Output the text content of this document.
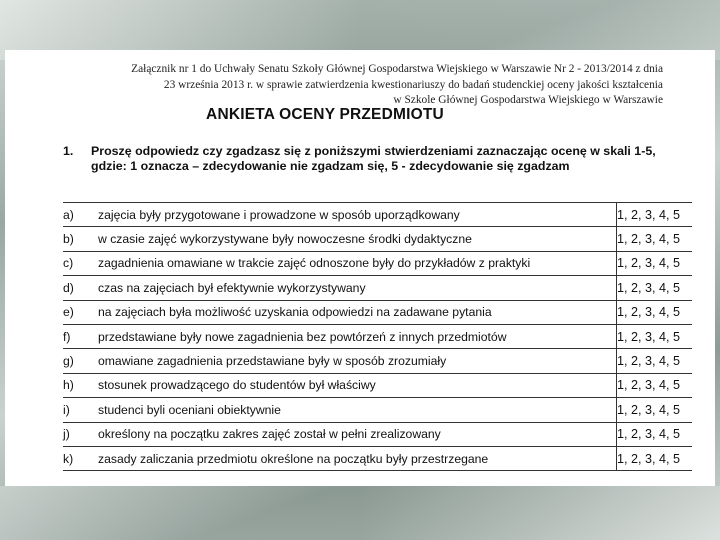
Załącznik nr 1 do Uchwały Senatu Szkoły Głównej Gospodarstwa Wiejskiego w Warszawie Nr 2 - 2013/2014 z dnia
23 września 2013 r. w sprawie zatwierdzenia kwestionariuszy do badań studenckiej oceny jakości kształcenia
w Szkole Głównej Gospodarstwa Wiejskiego w Warszawie
ANKIETA OCENY PRZEDMIOTU
1. Proszę odpowiedz czy zgadzasz się z poniższymi stwierdzeniami zaznaczając ocenę w skali 1-5, gdzie: 1 oznacza – zdecydowanie nie zgadzam się, 5 - zdecydowanie się zgadzam
a)	zajęcia były przygotowane i prowadzone w sposób uporządkowany	1, 2, 3, 4, 5
b)	w czasie zajęć wykorzystywane były nowoczesne środki dydaktyczne	1, 2, 3, 4, 5
c)	zagadnienia omawiane w trakcie zajęć odnoszone były do przykładów z praktyki	1, 2, 3, 4, 5
d)	czas na zajęciach był efektywnie wykorzystywany	1, 2, 3, 4, 5
e)	na zajęciach była możliwość uzyskania odpowiedzi na zadawane pytania	1, 2, 3, 4, 5
f)	przedstawiane były nowe zagadnienia bez powtórzeń z innych przedmiotów	1, 2, 3, 4, 5
g)	omawiane zagadnienia przedstawiane były w sposób zrozumiały	1, 2, 3, 4, 5
h)	stosunek prowadzącego do studentów był właściwy	1, 2, 3, 4, 5
i)	studenci byli oceniani obiektywnie	1, 2, 3, 4, 5
j)	określony na początku zakres zajęć został w pełni zrealizowany	1, 2, 3, 4, 5
k)	zasady zaliczania przedmiotu określone na początku były przestrzegane	1, 2, 3, 4, 5
